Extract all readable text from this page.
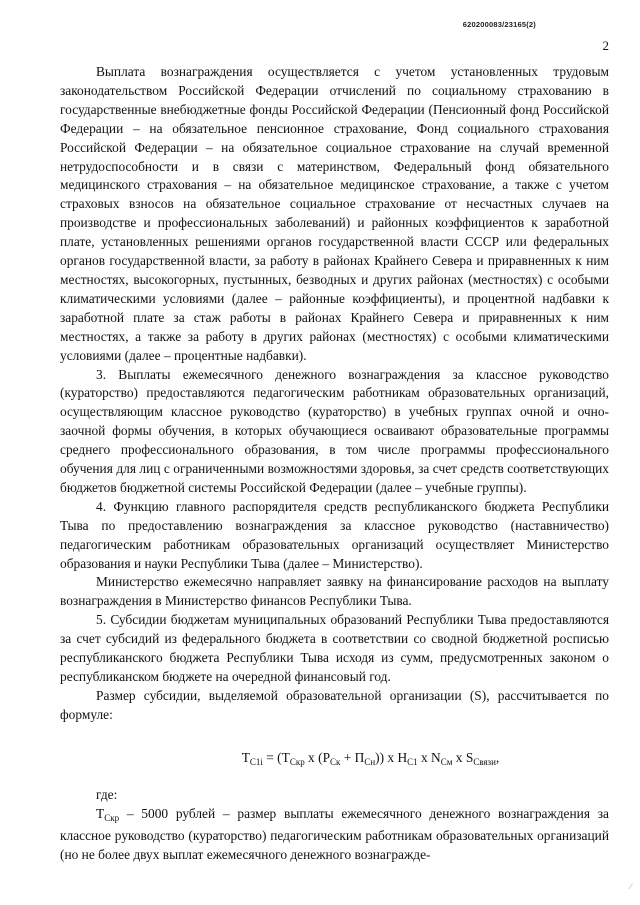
620200083/23165(2)
2

Выплата вознаграждения осуществляется с учетом установленных трудовым законодательством Российской Федерации отчислений по социальному страхованию в государственные внебюджетные фонды Российской Федерации (Пенсионный фонд Российской Федерации – на обязательное пенсионное страхование, Фонд социального страхования Российской Федерации – на обязательное социальное страхование на случай временной нетрудоспособности и в связи с материнством, Федеральный фонд обязательного медицинского страхования – на обязательное медицинское страхование, а также с учетом страховых взносов на обязательное социальное страхование от несчастных случаев на производстве и профессиональных заболеваний) и районных коэффициентов к заработной плате, установленных решениями органов государственной власти СССР или федеральных органов государственной власти, за работу в районах Крайнего Севера и приравненных к ним местностях, высокогорных, пустынных, безводных и других районах (местностях) с особыми климатическими условиями (далее – районные коэффициенты), и процентной надбавки к заработной плате за стаж работы в районах Крайнего Севера и приравненных к ним местностях, а также за работу в других районах (местностях) с особыми климатическими условиями (далее – процентные надбавки).

3. Выплаты ежемесячного денежного вознаграждения за классное руководство (кураторство) предоставляются педагогическим работникам образовательных организаций, осуществляющим классное руководство (кураторство) в учебных группах очной и очно-заочной формы обучения, в которых обучающиеся осваивают образовательные программы среднего профессионального образования, в том числе программы профессионального обучения для лиц с ограниченными возможностями здоровья, за счет средств соответствующих бюджетов бюджетной системы Российской Федерации (далее – учебные группы).

4. Функцию главного распорядителя средств республиканского бюджета Республики Тыва по предоставлению вознаграждения за классное руководство (наставничество) педагогическим работникам образовательных организаций осуществляет Министерство образования и науки Республики Тыва (далее – Министерство).

Министерство ежемесячно направляет заявку на финансирование расходов на выплату вознаграждения в Министерство финансов Республики Тыва.

5. Субсидии бюджетам муниципальных образований Республики Тыва предоставляются за счет субсидий из федерального бюджета в соответствии со сводной бюджетной росписью республиканского бюджета Республики Тыва исходя из сумм, предусмотренных законом о республиканском бюджете на очередной финансовый год.

Размер субсидии, выделяемой образовательной организации (S), рассчитывается по формуле:

$T_{C1i} = (T_{Скр}$ x $(P_{Ск} + П_{Сн})$) x $H_{C1}$ x $N_{См}$ x $S_{Связи}$,

где:

$T_{Скр} - 5000$ рублей – размер выплаты ежемесячного денежного вознаграждения за классное руководство (кураторство) педагогическим работникам образовательных организаций (но не более двух выплат ежемесячного денежного вознагражде-

⁄⁄
